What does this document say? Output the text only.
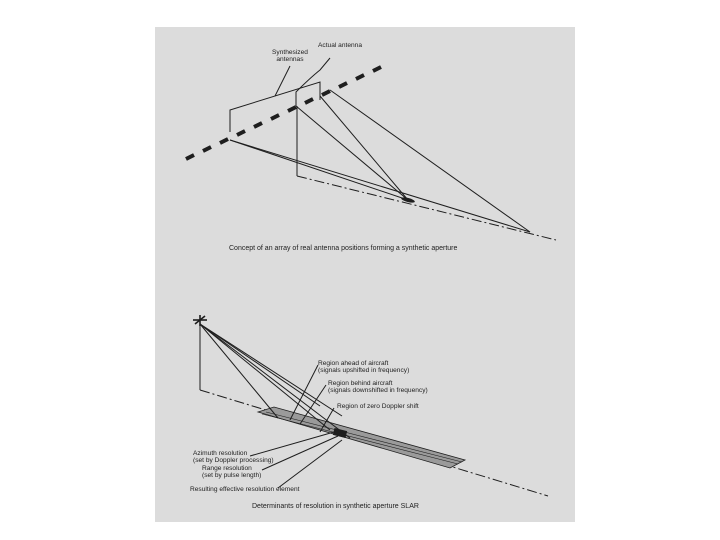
Actual antenna
Synthesized
antennas
Concept of an array of real antenna positions forming a synthetic aperture
Region ahead of aircraft
(signals upshifted in frequency)
Region behind aircraft
(signals downshifted in frequency)
Region of zero Doppler shift
Azimuth resolution
(set by Doppler processing)
Range resolution
(set by pulse length)
Resulting effective resolution element
Determinants of resolution in synthetic aperture SLAR
